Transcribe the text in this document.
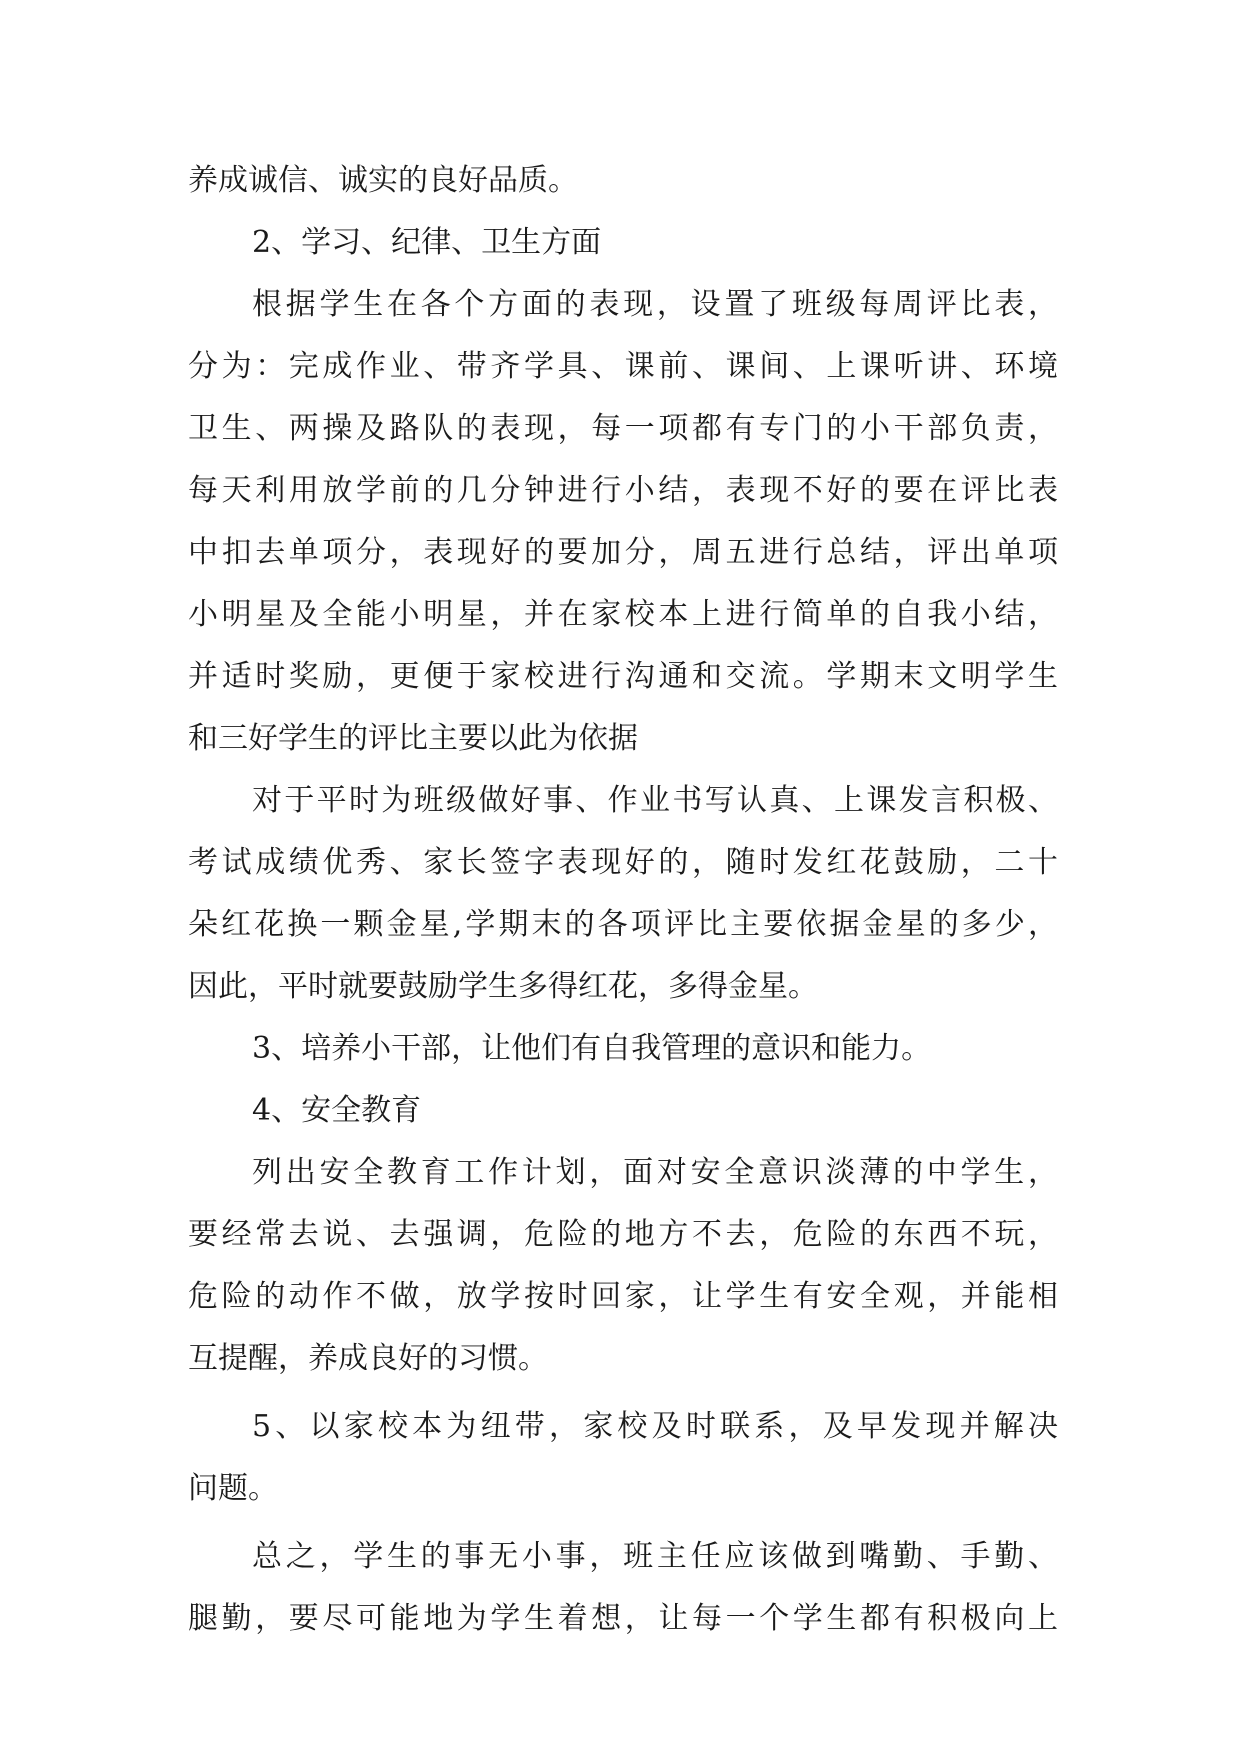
养成诚信、诚实的良好品质。
2、学习、纪律、卫生方面
根据学生在各个方面的表现，设置了班级每周评比表，
分为：完成作业、带齐学具、课前、课间、上课听讲、环境
卫生、两操及路队的表现，每一项都有专门的小干部负责，
每天利用放学前的几分钟进行小结，表现不好的要在评比表
中扣去单项分，表现好的要加分，周五进行总结，评出单项
小明星及全能小明星，并在家校本上进行简单的自我小结，
并适时奖励，更便于家校进行沟通和交流。学期末文明学生
和三好学生的评比主要以此为依据
对于平时为班级做好事、作业书写认真、上课发言积极、
考试成绩优秀、家长签字表现好的，随时发红花鼓励，二十
朵红花换一颗金星,学期末的各项评比主要依据金星的多少，
因此，平时就要鼓励学生多得红花，多得金星。
3、培养小干部，让他们有自我管理的意识和能力。
4、安全教育
列出安全教育工作计划，面对安全意识淡薄的中学生，
要经常去说、去强调，危险的地方不去，危险的东西不玩，
危险的动作不做，放学按时回家，让学生有安全观，并能相
互提醒，养成良好的习惯。
5、以家校本为纽带，家校及时联系，及早发现并解决
问题。
总之，学生的事无小事，班主任应该做到嘴勤、手勤、
腿勤，要尽可能地为学生着想，让每一个学生都有积极向上
